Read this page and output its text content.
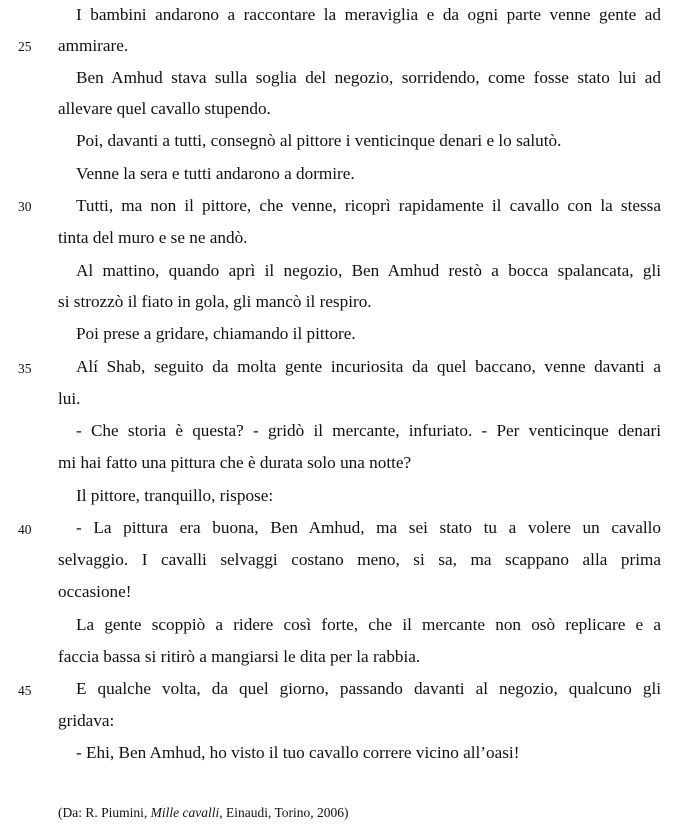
25
30
35
40
45
I bambini andarono a raccontare la meraviglia e da ogni parte venne gente ad
ammirare.
Ben Amhud stava sulla soglia del negozio, sorridendo, come fosse stato lui ad
allevare quel cavallo stupendo.
Poi, davanti a tutti, consegnò al pittore i venticinque denari e lo salutò.
Venne la sera e tutti andarono a dormire.
Tutti, ma non il pittore, che venne, ricoprì rapidamente il cavallo con la stessa
tinta del muro e se ne andò.
Al mattino, quando aprì il negozio, Ben Amhud restò a bocca spalancata, gli
si strozzò il fiato in gola, gli mancò il respiro.
Poi prese a gridare, chiamando il pittore.
Alí Shab, seguito da molta gente incuriosita da quel baccano, venne davanti a
lui.
- Che storia è questa? - gridò il mercante, infuriato. - Per venticinque denari
mi hai fatto una pittura che è durata solo una notte?
Il pittore, tranquillo, rispose:
- La pittura era buona, Ben Amhud, ma sei stato tu a volere un cavallo
selvaggio. I cavalli selvaggi costano meno, si sa, ma scappano alla prima
occasione!
La gente scoppiò a ridere così forte, che il mercante non osò replicare e a
faccia bassa si ritirò a mangiarsi le dita per la rabbia.
E qualche volta, da quel giorno, passando davanti al negozio, qualcuno gli
gridava:
- Ehi, Ben Amhud, ho visto il tuo cavallo correre vicino all’oasi!
(Da: R. Piumini, Mille cavalli, Einaudi, Torino, 2006)
